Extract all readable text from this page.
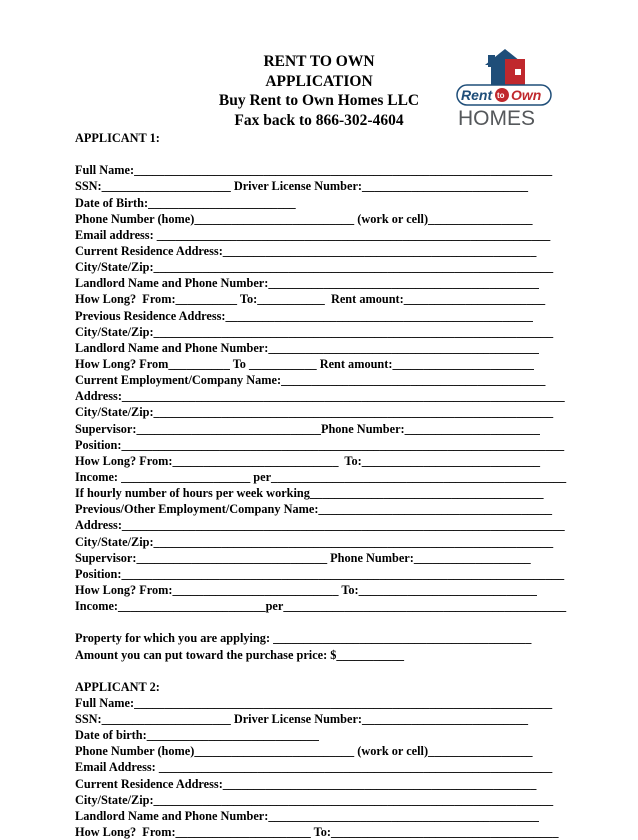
RENT TO OWN
APPLICATION
Buy Rent to Own Homes LLC
Fax back to 866-302-4604
Rent to Own
HOMES
APPLICANT 1:
Full Name:____________________________________________________________________
SSN:_____________________ Driver License Number:___________________________
Date of Birth:________________________
Phone Number (home)__________________________ (work or cell)_________________
Email address: ________________________________________________________________
Current Residence Address:___________________________________________________
City/State/Zip:_________________________________________________________________
Landlord Name and Phone Number:____________________________________________
How Long?  From:__________ To:___________  Rent amount:_______________________
Previous Residence Address:__________________________________________________
City/State/Zip:_________________________________________________________________
Landlord Name and Phone Number:____________________________________________
How Long? From__________ To ___________ Rent amount:_______________________
Current Employment/Company Name:___________________________________________
Address:________________________________________________________________________
City/State/Zip:_________________________________________________________________
Supervisor:______________________________Phone Number:______________________
Position:________________________________________________________________________
How Long? From:___________________________  To:_____________________________
Income: _____________________ per________________________________________________
If hourly number of hours per week working______________________________________
Previous/Other Employment/Company Name:______________________________________
Address:________________________________________________________________________
City/State/Zip:_________________________________________________________________
Supervisor:_______________________________ Phone Number:___________________
Position:________________________________________________________________________
How Long? From:___________________________ To:_____________________________
Income:________________________per______________________________________________
Property for which you are applying: __________________________________________
Amount you can put toward the purchase price: $___________
APPLICANT 2:
Full Name:____________________________________________________________________
SSN:_____________________ Driver License Number:___________________________
Date of birth:____________________________
Phone Number (home)__________________________ (work or cell)_________________
Email Address: ________________________________________________________________
Current Residence Address:___________________________________________________
City/State/Zip:_________________________________________________________________
Landlord Name and Phone Number:____________________________________________
How Long?  From:______________________ To:_____________________________________
